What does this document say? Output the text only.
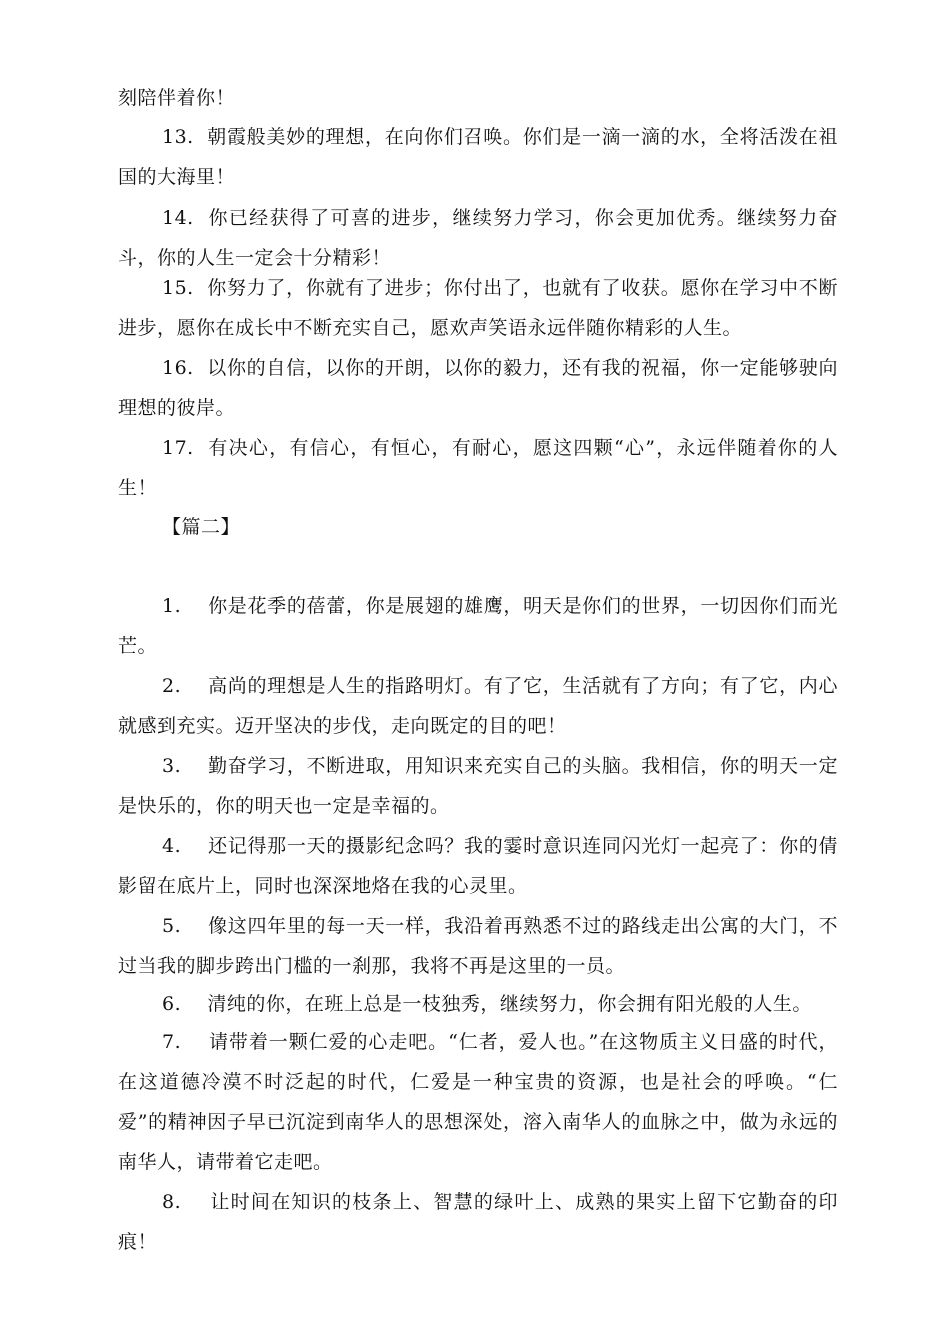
刻陪伴着你！

13. 朝霞般美妙的理想，在向你们召唤。你们是一滴一滴的水，全将活泼在祖国的大海里！

14. 你已经获得了可喜的进步，继续努力学习，你会更加优秀。继续努力奋斗，你的人生一定会十分精彩！

15. 你努力了，你就有了进步；你付出了，也就有了收获。愿你在学习中不断进步，愿你在成长中不断充实自己，愿欢声笑语永远伴随你精彩的人生。

16. 以你的自信，以你的开朗，以你的毅力，还有我的祝福，你一定能够驶向理想的彼岸。

17. 有决心，有信心，有恒心，有耐心，愿这四颗“心”，永远伴随着你的人生！

【篇二】

1. 你是花季的蓓蕾，你是展翅的雄鹰，明天是你们的世界，一切因你们而光芒。

2. 高尚的理想是人生的指路明灯。有了它，生活就有了方向；有了它，内心就感到充实。迈开坚决的步伐，走向既定的目的吧！

3. 勤奋学习，不断进取，用知识来充实自己的头脑。我相信，你的明天一定是快乐的，你的明天也一定是幸福的。

4. 还记得那一天的摄影纪念吗？我的霎时意识连同闪光灯一起亮了：你的倩影留在底片上，同时也深深地烙在我的心灵里。

5. 像这四年里的每一天一样，我沿着再熟悉不过的路线走出公寓的大门，不过当我的脚步跨出门槛的一刹那，我将不再是这里的一员。

6. 清纯的你，在班上总是一枝独秀，继续努力，你会拥有阳光般的人生。

7. 请带着一颗仁爱的心走吧。“仁者，爱人也。”在这物质主义日盛的时代，在这道德冷漠不时泛起的时代，仁爱是一种宝贵的资源，也是社会的呼唤。“仁爱”的精神因子早已沉淀到南华人的思想深处，溶入南华人的血脉之中，做为永远的南华人，请带着它走吧。

8. 让时间在知识的枝条上、智慧的绿叶上、成熟的果实上留下它勤奋的印痕！
